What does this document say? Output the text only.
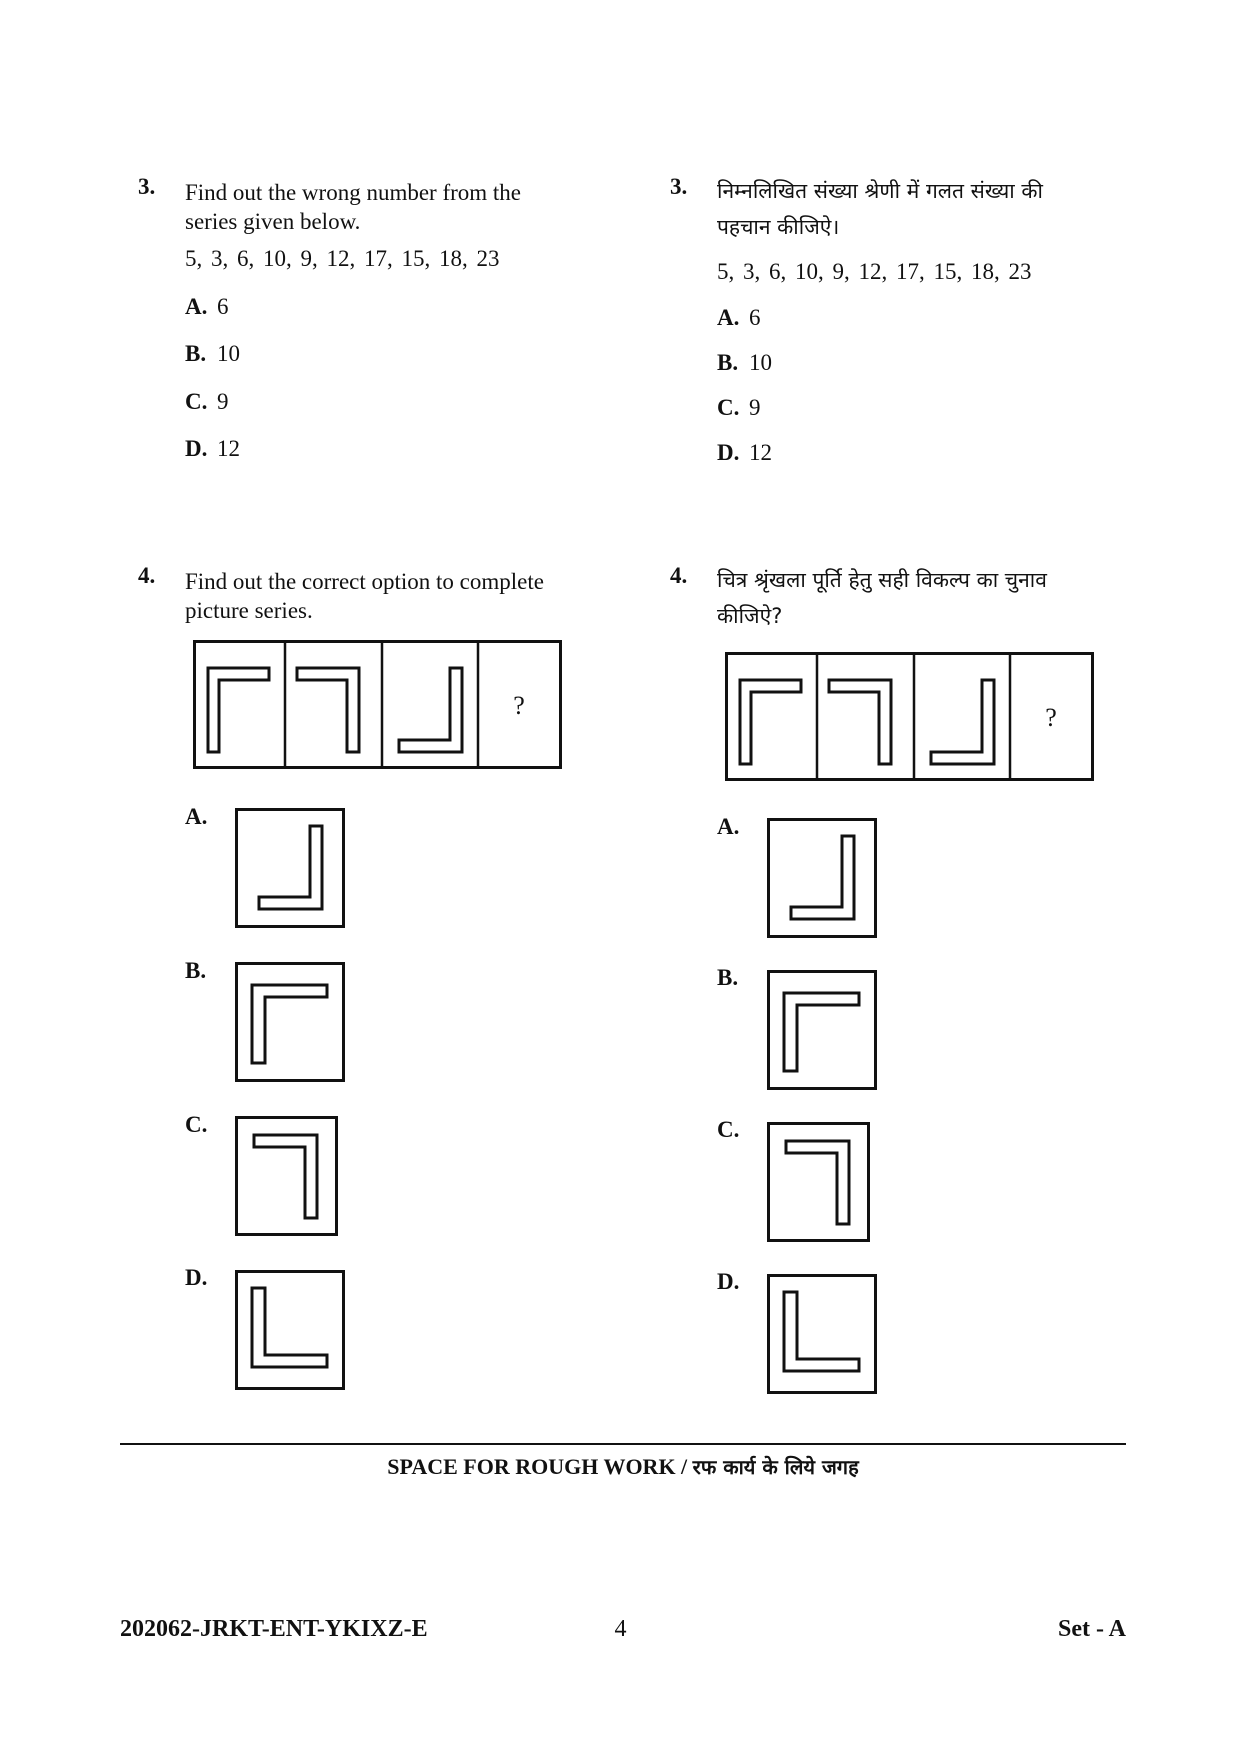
3. Find out the wrong number from the
series given below.
5, 3, 6, 10, 9, 12, 17, 15, 18, 23
A. 6
B. 10
C. 9
D. 12
4. Find out the correct option to complete
picture series.
?
A.
B.
C.
D.
3. निम्नलिखित संख्या श्रेणी में गलत संख्या की
पहचान कीजिऐ।
5, 3, 6, 10, 9, 12, 17, 15, 18, 23
A. 6
B. 10
C. 9
D. 12
4. चित्र श्रृंखला पूर्ति हेतु सही विकल्प का चुनाव
कीजिऐ?
?
A.
B.
C.
D.
SPACE FOR ROUGH WORK / रफ कार्य के लिये जगह
202062-JRKT-ENT-YKIXZ-E	4	Set - A
